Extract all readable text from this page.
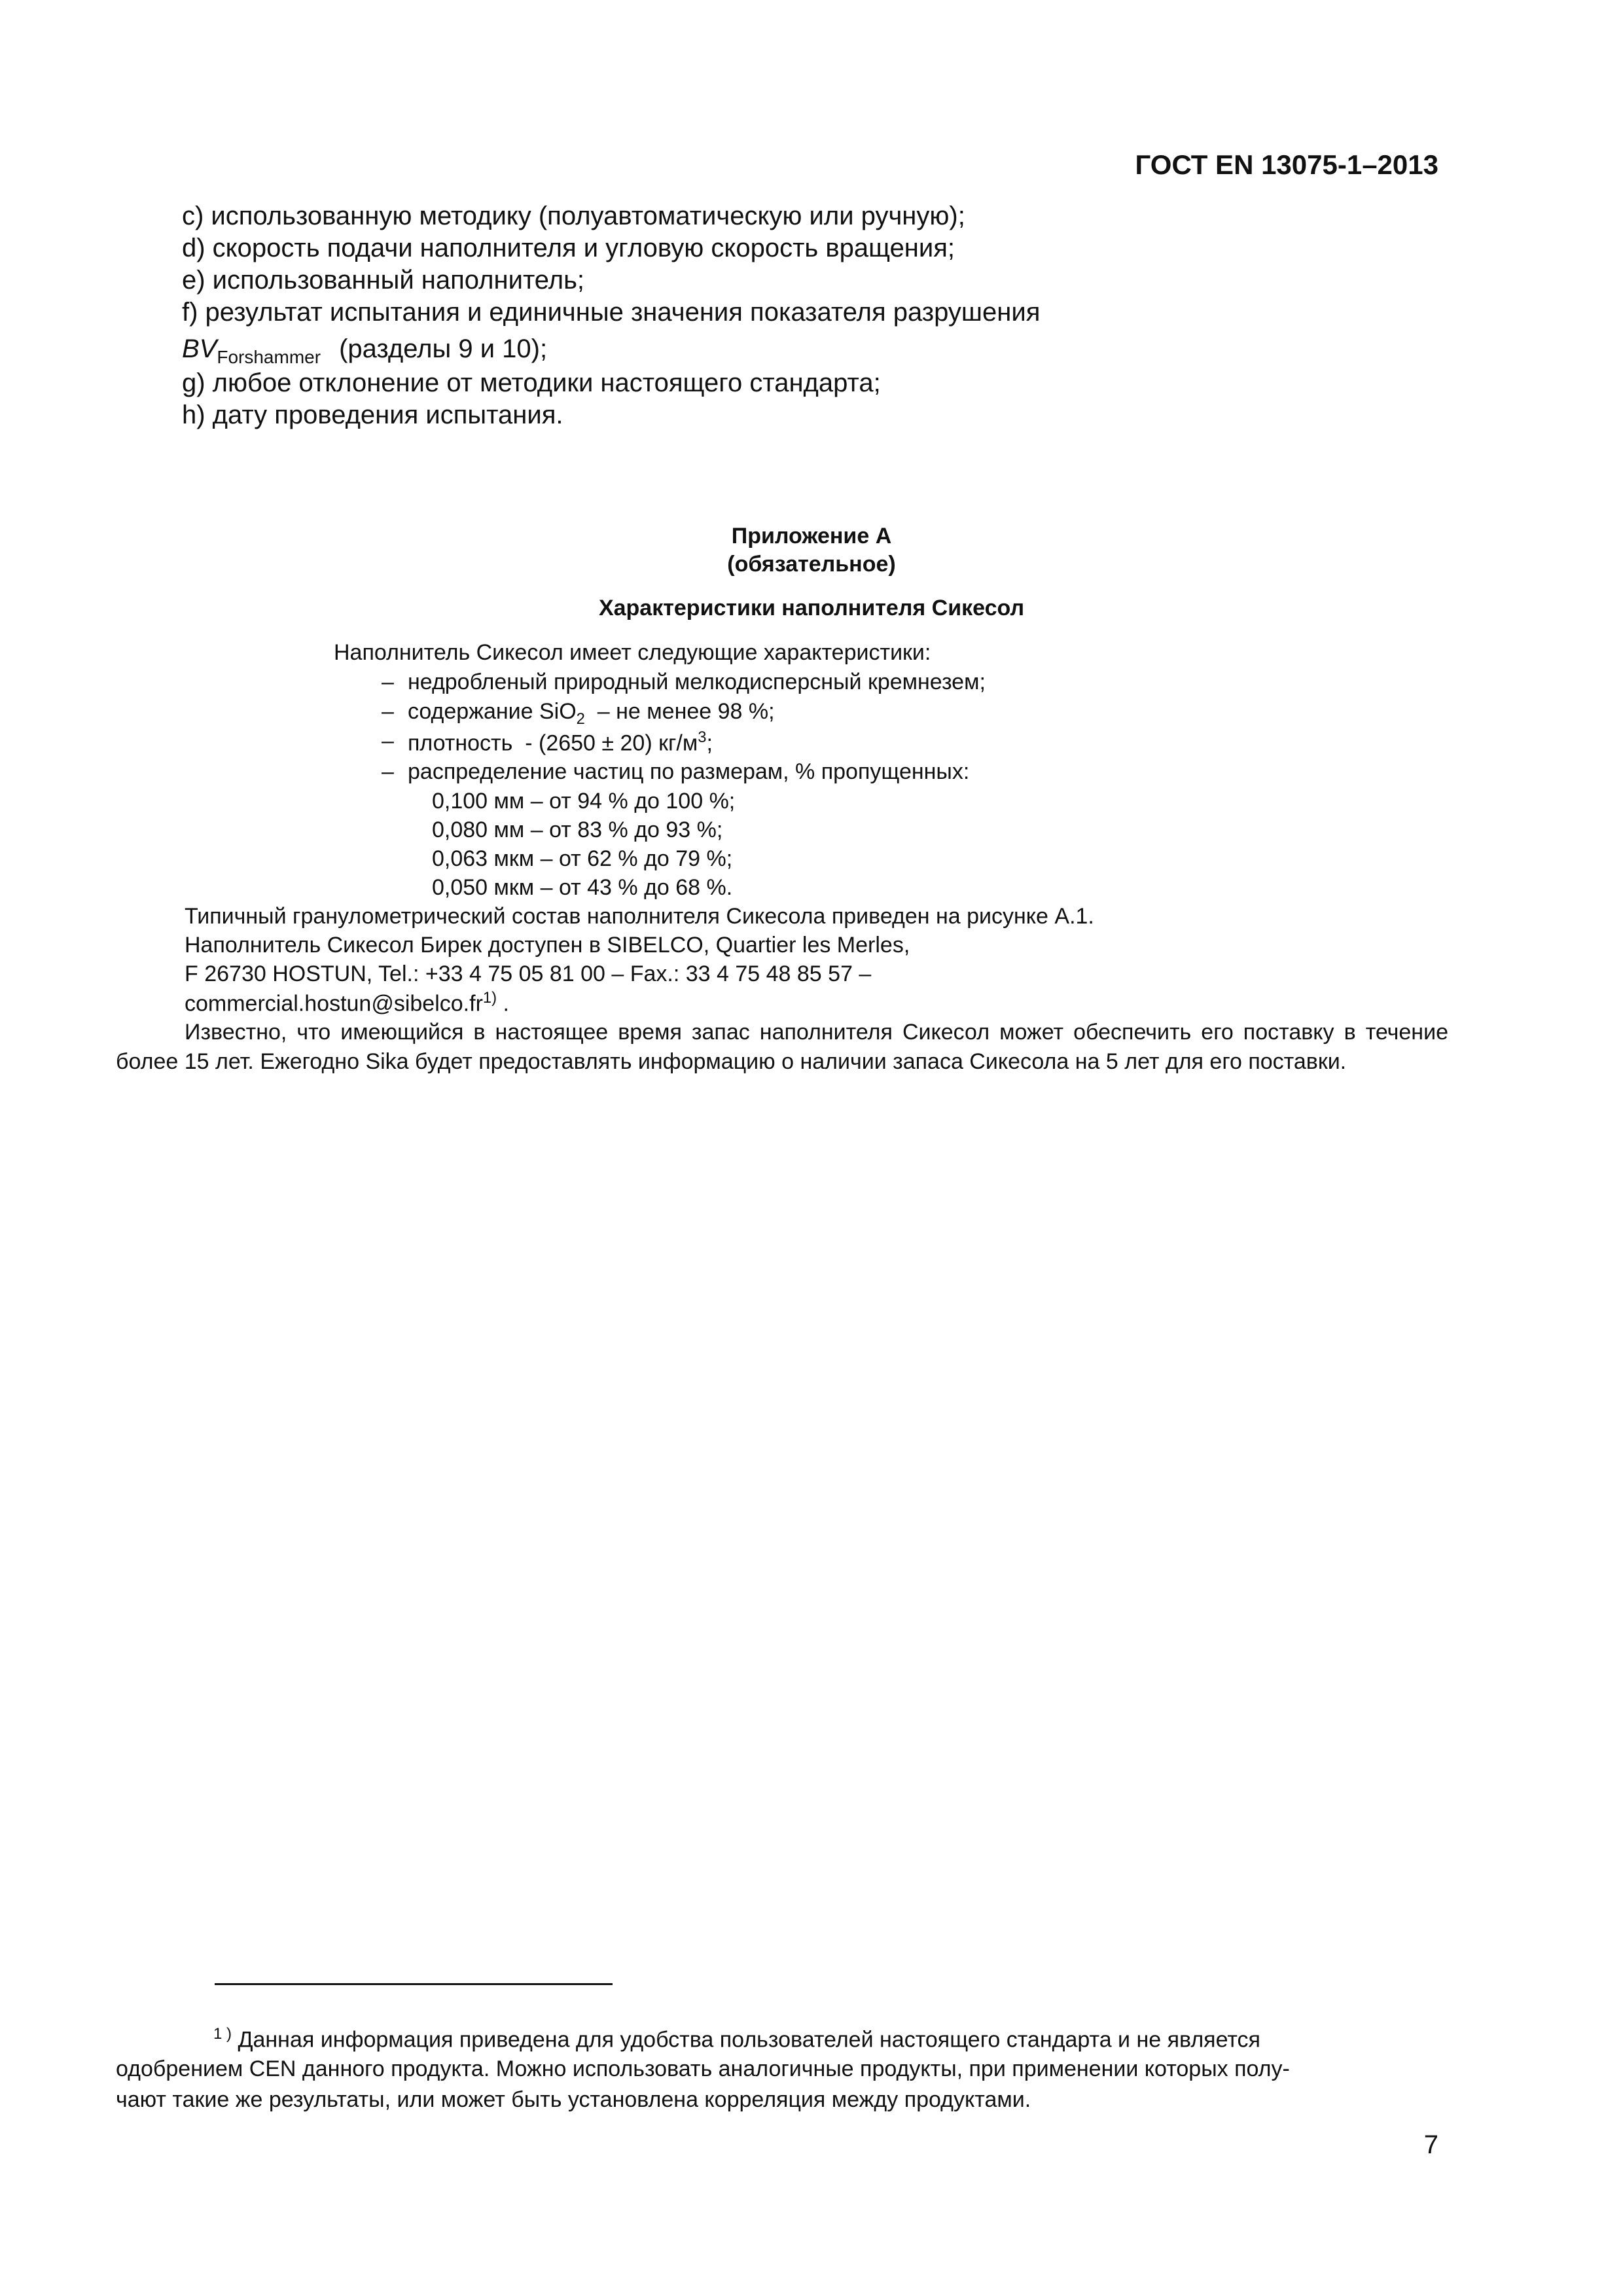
ГОСТ EN 13075-1–2013
c) использованную методику (полуавтоматическую или ручную);
d) скорость подачи наполнителя и угловую скорость вращения;
e) использованный наполнитель;
f) результат испытания и единичные значения показателя разрушения
$BV_{Forshammer}$ (разделы 9 и 10);
g) любое отклонение от методики настоящего стандарта;
h) дату проведения испытания.
Приложение А
(обязательное)
Характеристики наполнителя Сикесол
Наполнитель Сикесол имеет следующие характеристики:
– недробленый природный мелкодисперсный кремнезем;
– содержание SiO$_2$  – не менее 98 %;
– плотность  - (2650 ± 20) $кг/м^3$;
– распределение частиц по размерам, % пропущенных:
0,100 мм – от 94 % до 100 %;
0,080 мм – от 83 % до 93 %;
0,063 мкм – от 62 % до 79 %;
0,050 мкм – от 43 % до 68 %.
Типичный гранулометрический состав наполнителя Сикесола приведен на рисунке А.1.
Наполнитель Сикесол Бирек доступен в SIBELCO, Quartier les Merles,
F 26730 HOSTUN, Tel.: +33 4 75 05 81 00 – Fax.: 33 4 75 48 85 57 –
$commercial.hostun@sibelco.fr^{1)}$ .
Известно, что имеющийся в настоящее время запас наполнителя Сикесол может обеспечить его поставку в течение более 15 лет. Ежегодно Sika будет предоставлять информацию о наличии запаса Сикесола на 5 лет для его поставки.
$^{1 )}$ Данная информация приведена для удобства пользователей настоящего стандарта и не является
одобрением CEN данного продукта. Можно использовать аналогичные продукты, при применении которых полу-
чают такие же результаты, или может быть установлена корреляция между продуктами.
7
